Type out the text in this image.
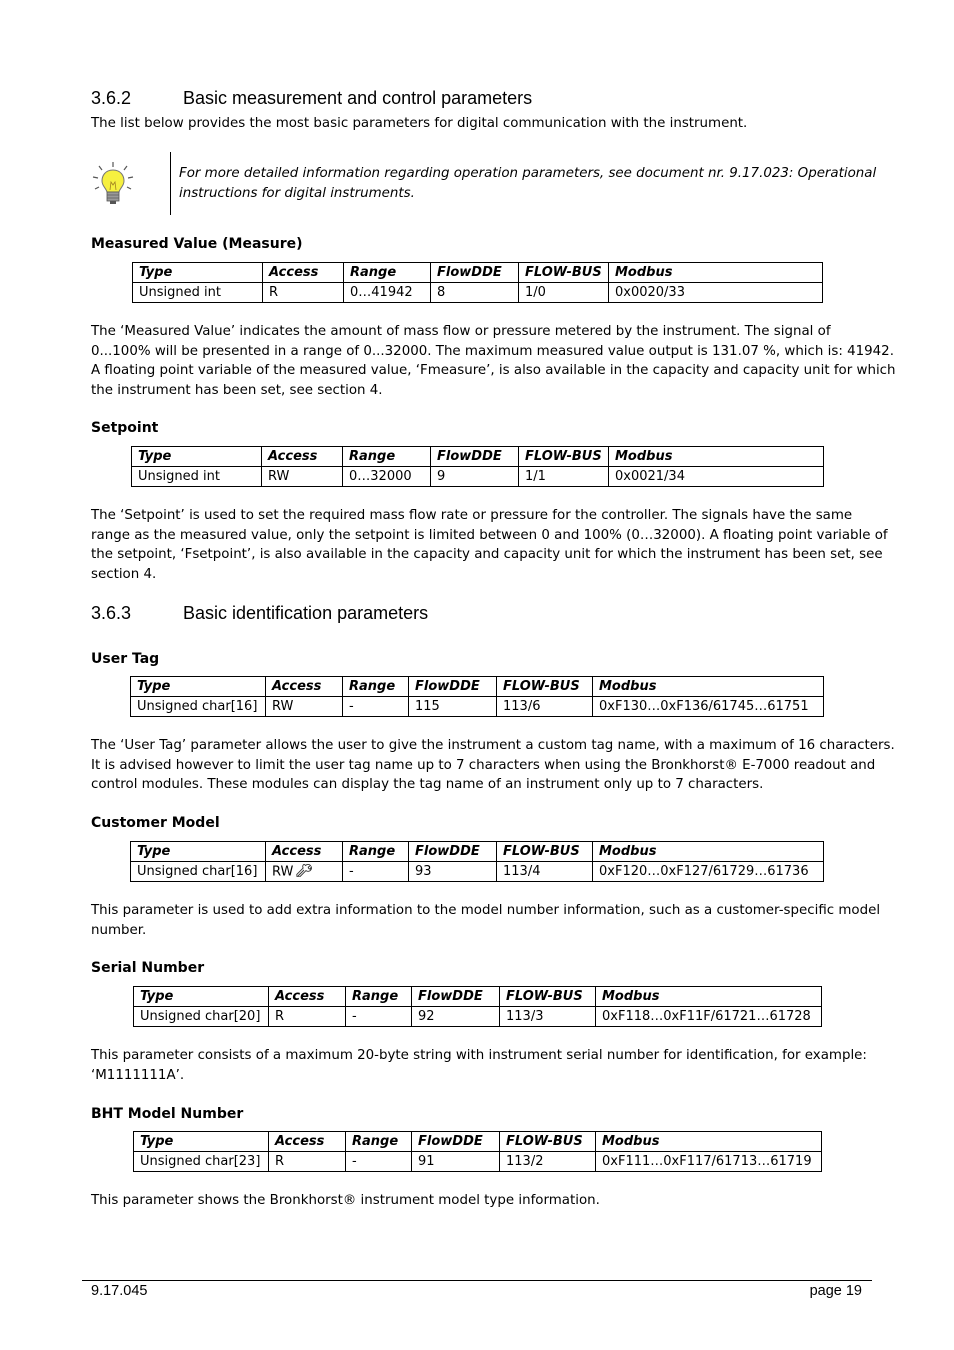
3.6.2	Basic measurement and control parameters
The list below provides the most basic parameters for digital communication with the instrument.
For more detailed information regarding operation parameters, see document nr. 9.17.023: Operational
instructions for digital instruments.
Measured Value (Measure)
Type	Access	Range	FlowDDE	FLOW-BUS	Modbus
Unsigned int	R	0…41942	8	1/0	0x0020/33
The ‘Measured Value’ indicates the amount of mass flow or pressure metered by the instrument. The signal of
0...100% will be presented in a range of 0...32000. The maximum measured value output is 131.07 %, which is: 41942.
A floating point variable of the measured value, ‘Fmeasure’, is also available in the capacity and capacity unit for which
the instrument has been set, see section 4.
Setpoint
Type	Access	Range	FlowDDE	FLOW-BUS	Modbus
Unsigned int	RW	0…32000	9	1/1	0x0021/34
The ‘Setpoint’ is used to set the required mass flow rate or pressure for the controller. The signals have the same
range as the measured value, only the setpoint is limited between 0 and 100% (0…32000). A floating point variable of
the setpoint, ‘Fsetpoint’, is also available in the capacity and capacity unit for which the instrument has been set, see
section 4.
3.6.3	Basic identification parameters
User Tag
Type	Access	Range	FlowDDE	FLOW-BUS	Modbus
Unsigned char[16]	RW	-	115	113/6	0xF130…0xF136/61745…61751
The ‘User Tag’ parameter allows the user to give the instrument a custom tag name, with a maximum of 16 characters.
It is advised however to limit the user tag name up to 7 characters when using the Bronkhorst® E-7000 readout and
control modules. These modules can display the tag name of an instrument only up to 7 characters.
Customer Model
Type	Access	Range	FlowDDE	FLOW-BUS	Modbus
Unsigned char[16]	RW	-	93	113/4	0xF120…0xF127/61729…61736
This parameter is used to add extra information to the model number information, such as a customer-specific model
number.
Serial Number
Type	Access	Range	FlowDDE	FLOW-BUS	Modbus
Unsigned char[20]	R	-	92	113/3	0xF118…0xF11F/61721…61728
This parameter consists of a maximum 20-byte string with instrument serial number for identification, for example:
‘M1111111A’.
BHT Model Number
Type	Access	Range	FlowDDE	FLOW-BUS	Modbus
Unsigned char[23]	R	-	91	113/2	0xF111…0xF117/61713…61719
This parameter shows the Bronkhorst® instrument model type information.
9.17.045	page 19
